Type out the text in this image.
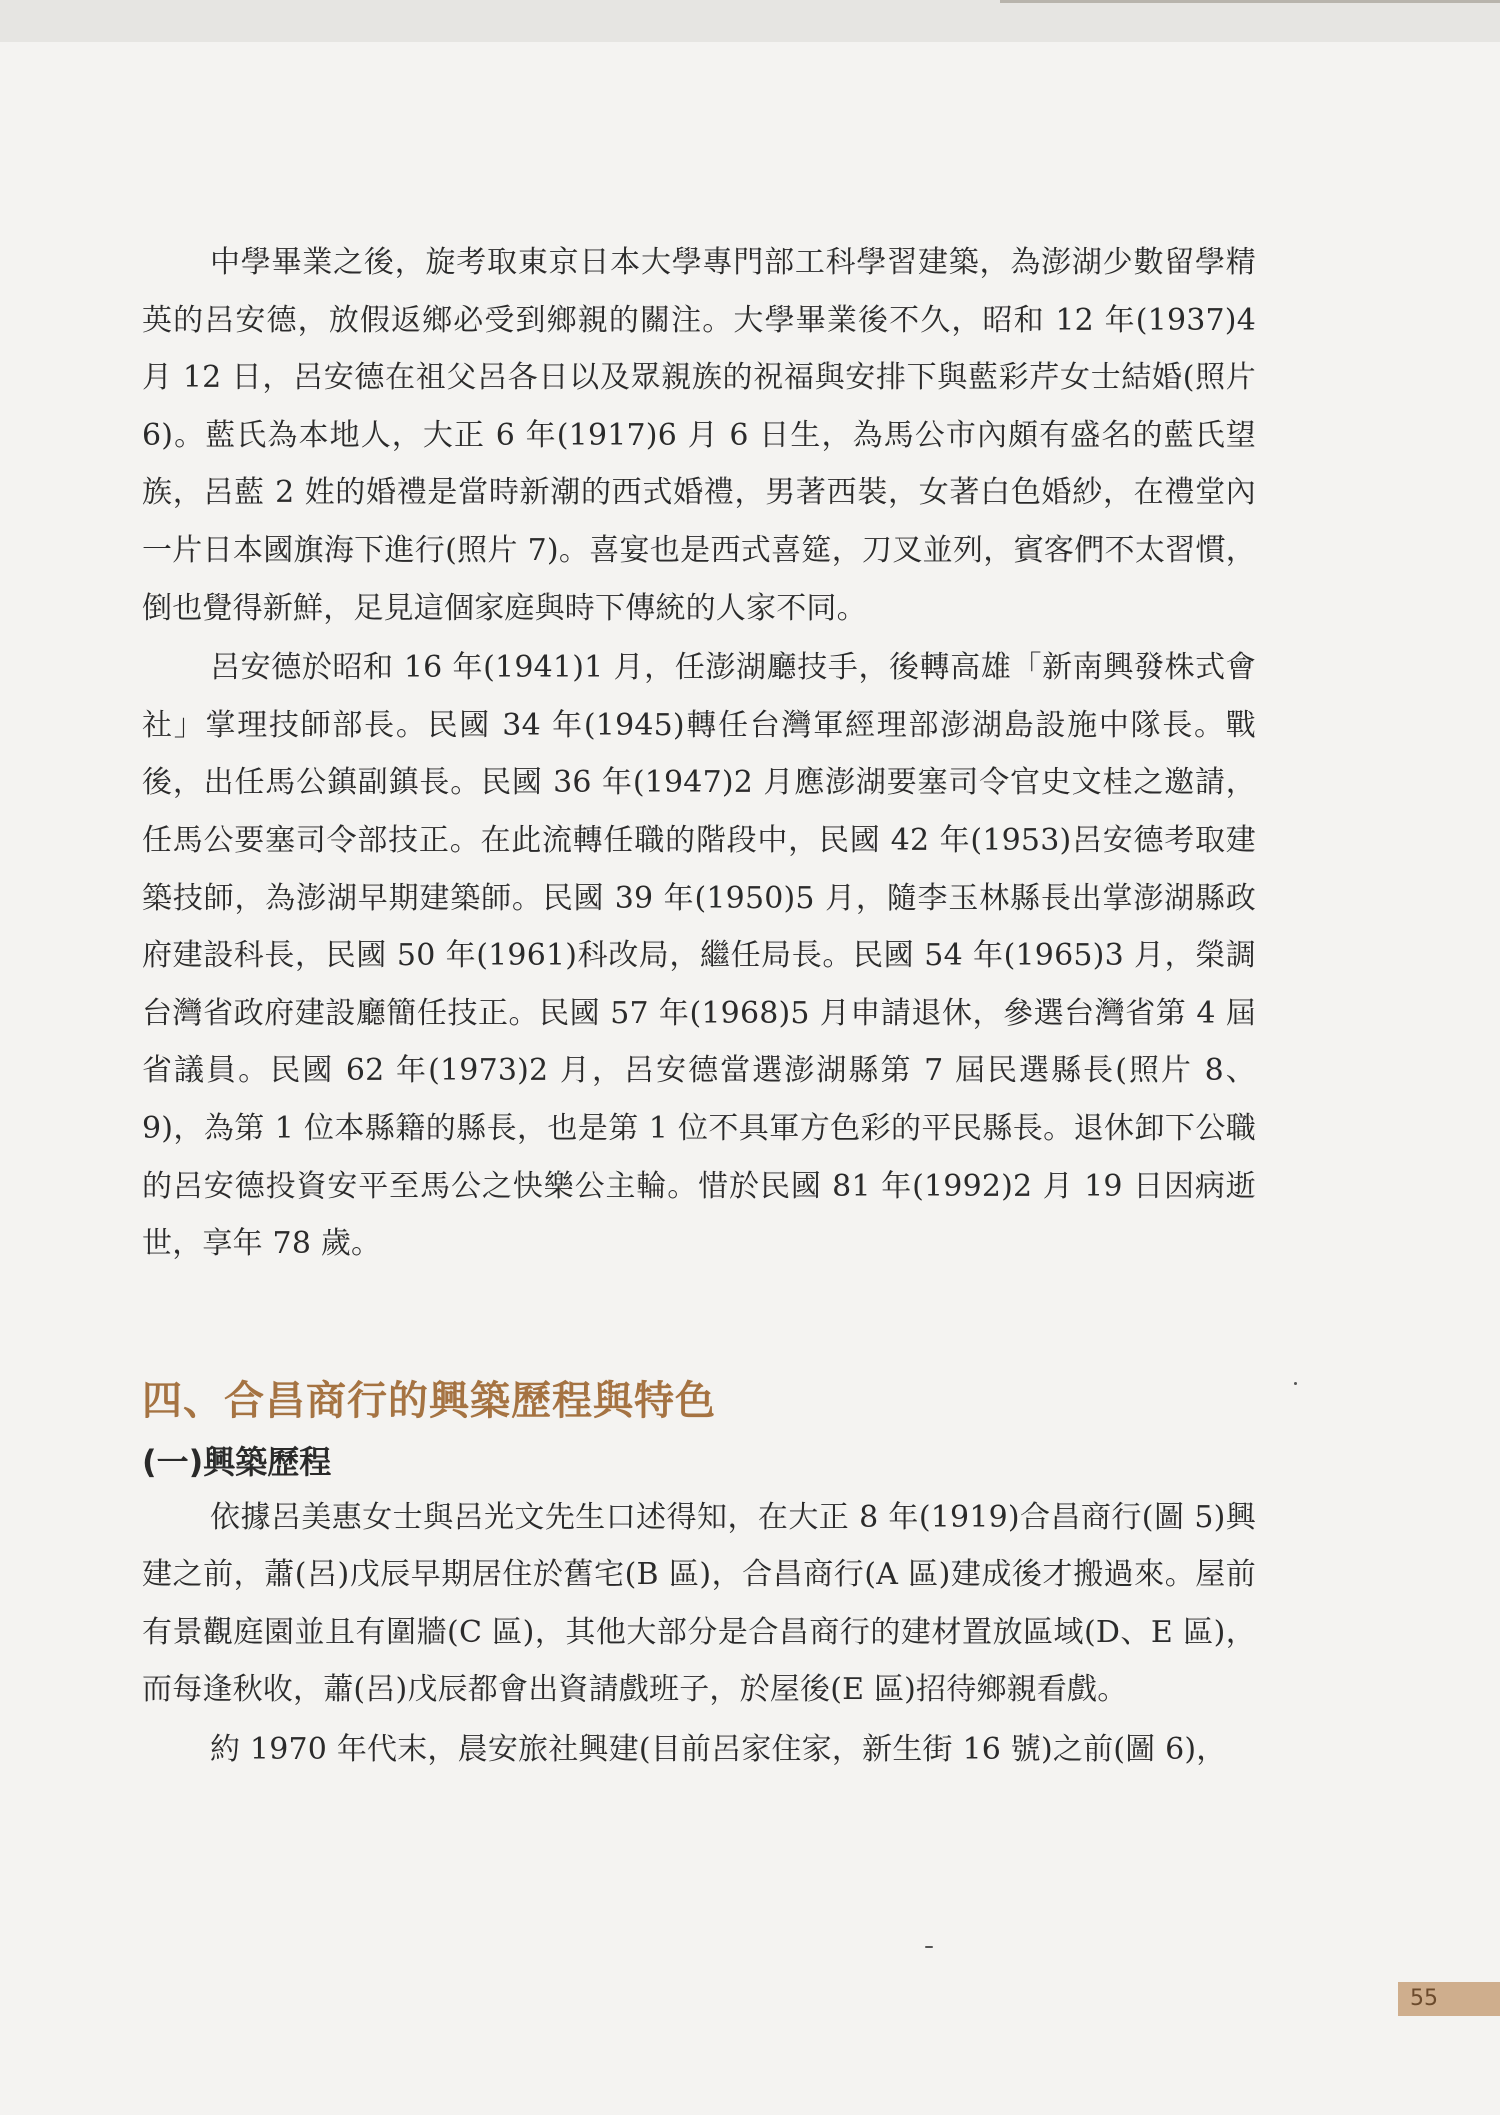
中學畢業之後，旋考取東京日本大學專門部工科學習建築，為澎湖少數留學精英的呂安德，放假返鄉必受到鄉親的關注。大學畢業後不久，昭和 12 年(1937)4 月 12 日，呂安德在祖父呂各日以及眾親族的祝福與安排下與藍彩芹女士結婚(照片 6)。藍氏為本地人，大正 6 年(1917)6 月 6 日生，為馬公市內頗有盛名的藍氏望族，呂藍 2 姓的婚禮是當時新潮的西式婚禮，男著西裝，女著白色婚紗，在禮堂內一片日本國旗海下進行(照片 7)。喜宴也是西式喜筵，刀叉並列，賓客們不太習慣，倒也覺得新鮮，足見這個家庭與時下傳統的人家不同。

呂安德於昭和 16 年(1941)1 月，任澎湖廳技手，後轉高雄「新南興發株式會社」掌理技師部長。民國 34 年(1945)轉任台灣軍經理部澎湖島設施中隊長。戰後，出任馬公鎮副鎮長。民國 36 年(1947)2 月應澎湖要塞司令官史文桂之邀請，任馬公要塞司令部技正。在此流轉任職的階段中，民國 42 年(1953)呂安德考取建築技師，為澎湖早期建築師。民國 39 年(1950)5 月，隨李玉林縣長出掌澎湖縣政府建設科長，民國 50 年(1961)科改局，繼任局長。民國 54 年(1965)3 月，榮調台灣省政府建設廳簡任技正。民國 57 年(1968)5 月申請退休，參選台灣省第 4 屆省議員。民國 62 年(1973)2 月，呂安德當選澎湖縣第 7 屆民選縣長(照片 8、9)，為第 1 位本縣籍的縣長，也是第 1 位不具軍方色彩的平民縣長。退休卸下公職的呂安德投資安平至馬公之快樂公主輪。惜於民國 81 年(1992)2 月 19 日因病逝世，享年 78 歲。

四、合昌商行的興築歷程與特色
(一)興築歷程

依據呂美惠女士與呂光文先生口述得知，在大正 8 年(1919)合昌商行(圖 5)興建之前，蕭(呂)戊辰早期居住於舊宅(B 區)，合昌商行(A 區)建成後才搬過來。屋前有景觀庭園並且有圍牆(C 區)，其他大部分是合昌商行的建材置放區域(D、E 區)，而每逢秋收，蕭(呂)戊辰都會出資請戲班子，於屋後(E 區)招待鄉親看戲。

約 1970 年代末，晨安旅社興建(目前呂家住家，新生街 16 號)之前(圖 6)，

55
